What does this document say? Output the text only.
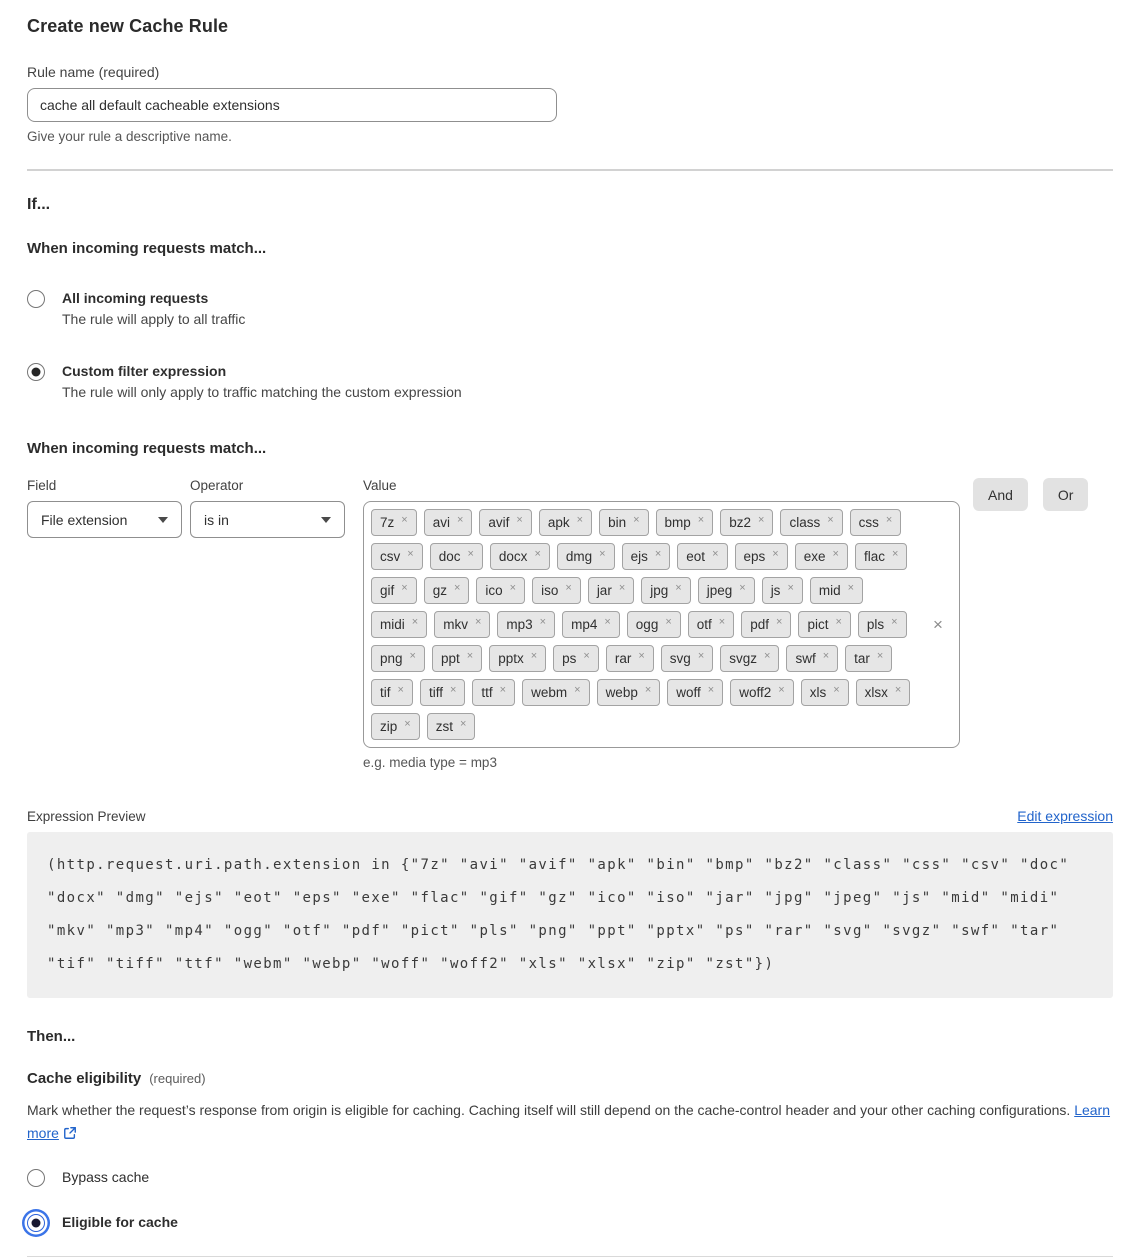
Create new Cache Rule
Rule name (required)
cache all default cacheable extensions
Give your rule a descriptive name.
If...
When incoming requests match...
All incoming requests
The rule will apply to all traffic
Custom filter expression
The rule will only apply to traffic matching the custom expression
When incoming requests match...
Field
File extension
Operator
is in
Value
7z × avi × avif × apk × bin × bmp × bz2 × class × css ×
csv × doc × docx × dmg × ejs × eot × eps × exe × flac ×
gif × gz × ico × iso × jar × jpg × jpeg × js × mid ×
midi × mkv × mp3 × mp4 × ogg × otf × pdf × pict × pls ×
png × ppt × pptx × ps × rar × svg × svgz × swf × tar ×
tif × tiff × ttf × webm × webp × woff × woff2 × xls × xlsx ×
zip × zst ×
×
e.g. media type = mp3
And	Or
Expression Preview	Edit expression
(http.request.uri.path.extension in {"7z" "avi" "avif" "apk" "bin" "bmp" "bz2" "class" "css" "csv" "doc" "docx" "dmg" "ejs" "eot" "eps" "exe" "flac" "gif" "gz" "ico" "iso" "jar" "jpg" "jpeg" "js" "mid" "midi" "mkv" "mp3" "mp4" "ogg" "otf" "pdf" "pict" "pls" "png" "ppt" "pptx" "ps" "rar" "svg" "svgz" "swf" "tar" "tif" "tiff" "ttf" "webm" "webp" "woff" "woff2" "xls" "xlsx" "zip" "zst"})
Then...
Cache eligibility (required)
Mark whether the request’s response from origin is eligible for caching. Caching itself will still depend on the cache-control header and your other caching configurations. Learn more
Bypass cache
Eligible for cache
